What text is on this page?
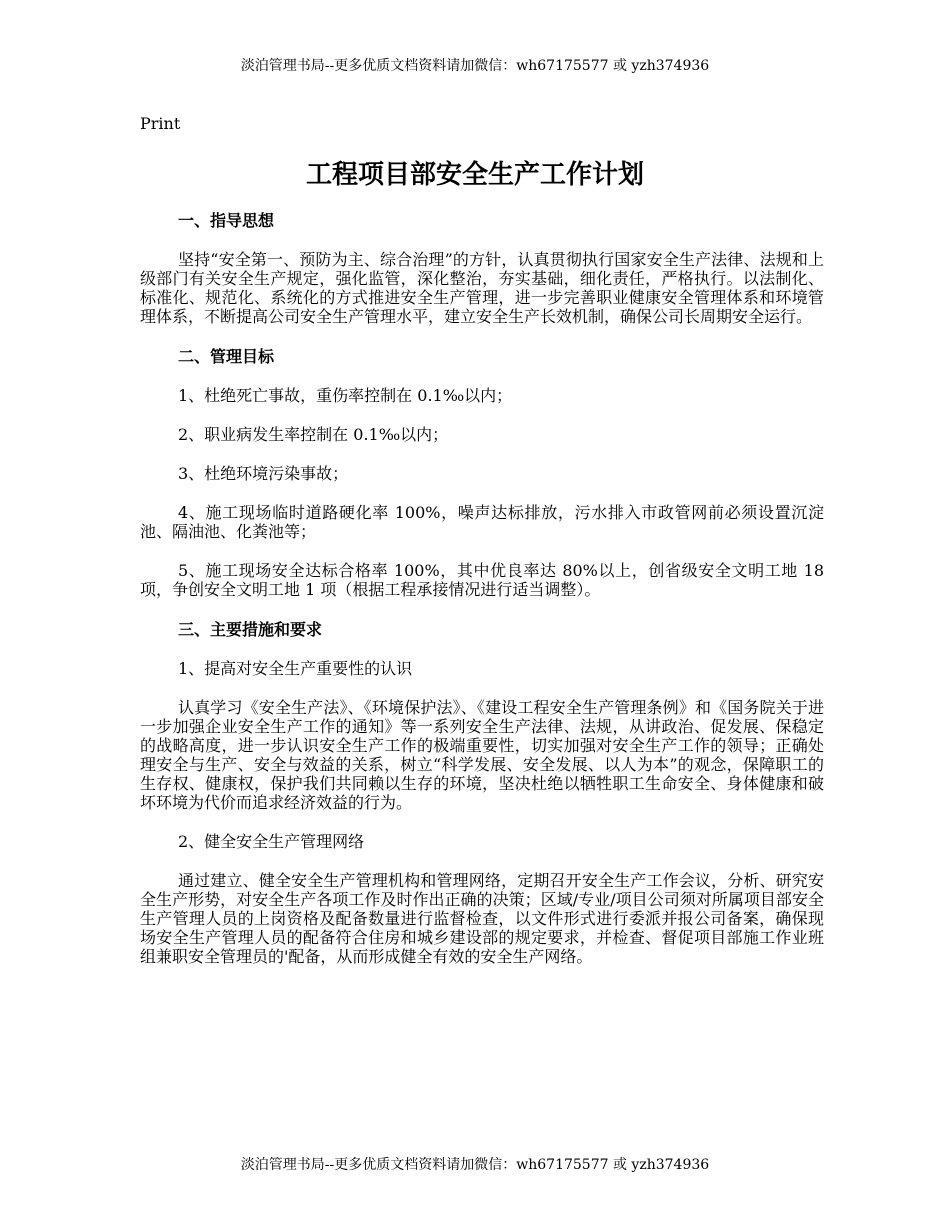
淡泊管理书局--更多优质文档资料请加微信：wh67175577 或 yzh374936
Print
工程项目部安全生产工作计划

一、指导思想

坚持“安全第一、预防为主、综合治理”的方针，认真贯彻执行国家安全生产法律、法规和上级部门有关安全生产规定，强化监管，深化整治，夯实基础，细化责任，严格执行。以法制化、标准化、规范化、系统化的方式推进安全生产管理，进一步完善职业健康安全管理体系和环境管理体系，不断提高公司安全生产管理水平，建立安全生产长效机制，确保公司长周期安全运行。

二、管理目标

1、杜绝死亡事故，重伤率控制在 0.1‰以内；

2、职业病发生率控制在 0.1‰以内；

3、杜绝环境污染事故；

4、施工现场临时道路硬化率 100%，噪声达标排放，污水排入市政管网前必须设置沉淀池、隔油池、化粪池等；

5、施工现场安全达标合格率 100%，其中优良率达 80%以上，创省级安全文明工地 18 项，争创安全文明工地 1 项（根据工程承接情况进行适当调整）。

三、主要措施和要求

1、提高对安全生产重要性的认识

认真学习《安全生产法》、《环境保护法》、《建设工程安全生产管理条例》和《国务院关于进一步加强企业安全生产工作的通知》等一系列安全生产法律、法规，从讲政治、促发展、保稳定的战略高度，进一步认识安全生产工作的极端重要性，切实加强对安全生产工作的领导；正确处理安全与生产、安全与效益的关系，树立“科学发展、安全发展、以人为本”的观念，保障职工的生存权、健康权，保护我们共同赖以生存的环境，坚决杜绝以牺牲职工生命安全、身体健康和破坏环境为代价而追求经济效益的行为。

2、健全安全生产管理网络

通过建立、健全安全生产管理机构和管理网络，定期召开安全生产工作会议，分析、研究安全生产形势，对安全生产各项工作及时作出正确的决策；区域/专业/项目公司须对所属项目部安全生产管理人员的上岗资格及配备数量进行监督检查，以文件形式进行委派并报公司备案，确保现场安全生产管理人员的配备符合住房和城乡建设部的规定要求，并检查、督促项目部施工作业班组兼职安全管理员的'配备，从而形成健全有效的安全生产网络。

淡泊管理书局--更多优质文档资料请加微信：wh67175577 或 yzh374936
